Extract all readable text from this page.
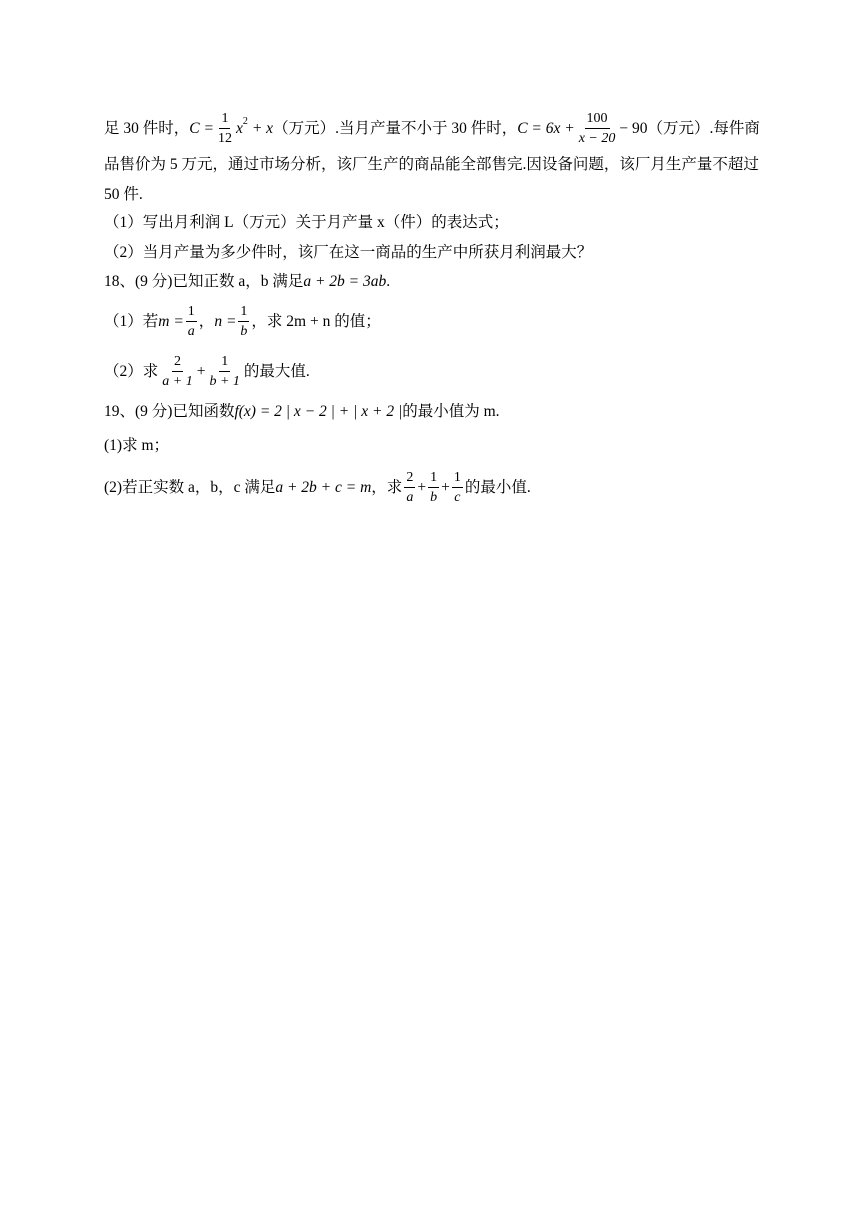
足 30 件时， $C = \frac{1}{12}$ x 2 + x （万元）.当月产量不小于 30 件时， $C = 6x + \frac{100}{x - 20} - 90$ （万元）.每件商
品售价为 5 万元，通过市场分析，该厂生产的商品能全部售完.因设备问题，该厂月生产量不超过
50 件.
（1）写出月利润 L（万元）关于月产量 x（件）的表达式；
（2）当月产量为多少件时，该厂在这一商品的生产中所获月利润最大？
18、(9 分)已知正数 a，b 满足 a + 2b = 3ab .
（1）若 $m = \frac{1}{a}$ ， $n = \frac{1}{b}$ ，求 2m + n 的值；
（2）求 $\frac{2}{a + 1} + \frac{1}{b + 1}$ 的最大值.
19、(9 分)已知函数 f(x) = 2 | x − 2 | + | x + 2 | 的最小值为 m.
(1)求 m；
(2)若正实数 a，b，c 满足 a + 2b + c = m ，求 $\frac{2}{a} + \frac{1}{b} + \frac{1}{c}$ 的最小值.
